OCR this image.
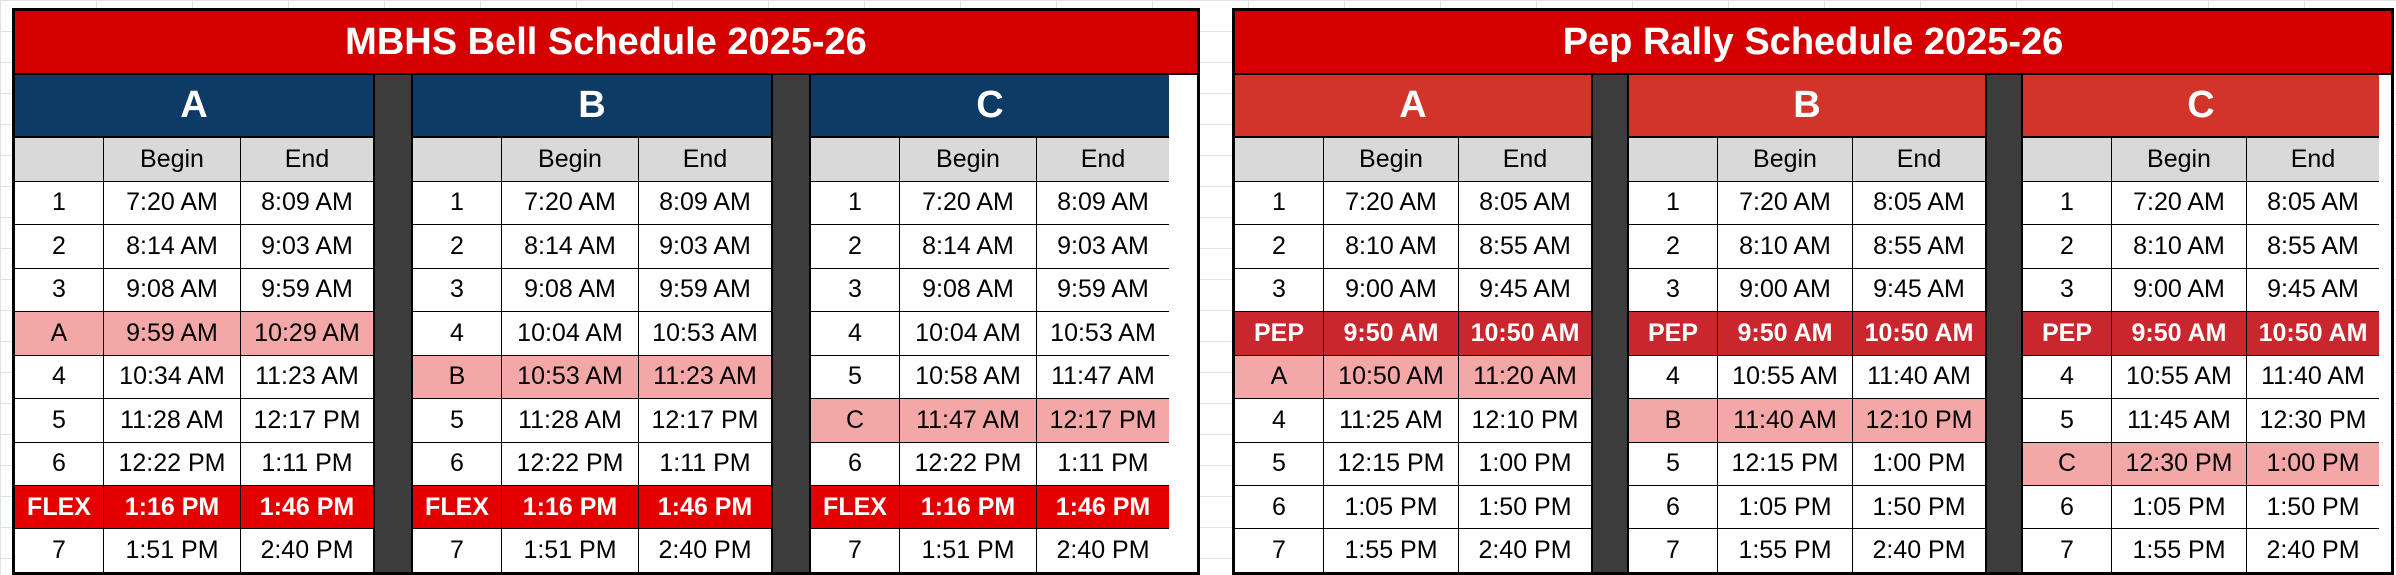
MBHS Bell Schedule 2025-26
A
Begin	End
1	7:20 AM	8:09 AM
2	8:14 AM	9:03 AM
3	9:08 AM	9:59 AM
A	9:59 AM	10:29 AM
4	10:34 AM	11:23 AM
5	11:28 AM	12:17 PM
6	12:22 PM	1:11 PM
FLEX	1:16 PM	1:46 PM
7	1:51 PM	2:40 PM
B
Begin	End
1	7:20 AM	8:09 AM
2	8:14 AM	9:03 AM
3	9:08 AM	9:59 AM
4	10:04 AM	10:53 AM
B	10:53 AM	11:23 AM
5	11:28 AM	12:17 PM
6	12:22 PM	1:11 PM
FLEX	1:16 PM	1:46 PM
7	1:51 PM	2:40 PM
C
Begin	End
1	7:20 AM	8:09 AM
2	8:14 AM	9:03 AM
3	9:08 AM	9:59 AM
4	10:04 AM	10:53 AM
5	10:58 AM	11:47 AM
C	11:47 AM	12:17 PM
6	12:22 PM	1:11 PM
FLEX	1:16 PM	1:46 PM
7	1:51 PM	2:40 PM
Pep Rally Schedule 2025-26
A
Begin	End
1	7:20 AM	8:05 AM
2	8:10 AM	8:55 AM
3	9:00 AM	9:45 AM
PEP	9:50 AM	10:50 AM
A	10:50 AM	11:20 AM
4	11:25 AM	12:10 PM
5	12:15 PM	1:00 PM
6	1:05 PM	1:50 PM
7	1:55 PM	2:40 PM
B
Begin	End
1	7:20 AM	8:05 AM
2	8:10 AM	8:55 AM
3	9:00 AM	9:45 AM
PEP	9:50 AM	10:50 AM
4	10:55 AM	11:40 AM
B	11:40 AM	12:10 PM
5	12:15 PM	1:00 PM
6	1:05 PM	1:50 PM
7	1:55 PM	2:40 PM
C
Begin	End
1	7:20 AM	8:05 AM
2	8:10 AM	8:55 AM
3	9:00 AM	9:45 AM
PEP	9:50 AM	10:50 AM
4	10:55 AM	11:40 AM
5	11:45 AM	12:30 PM
C	12:30 PM	1:00 PM
6	1:05 PM	1:50 PM
7	1:55 PM	2:40 PM
